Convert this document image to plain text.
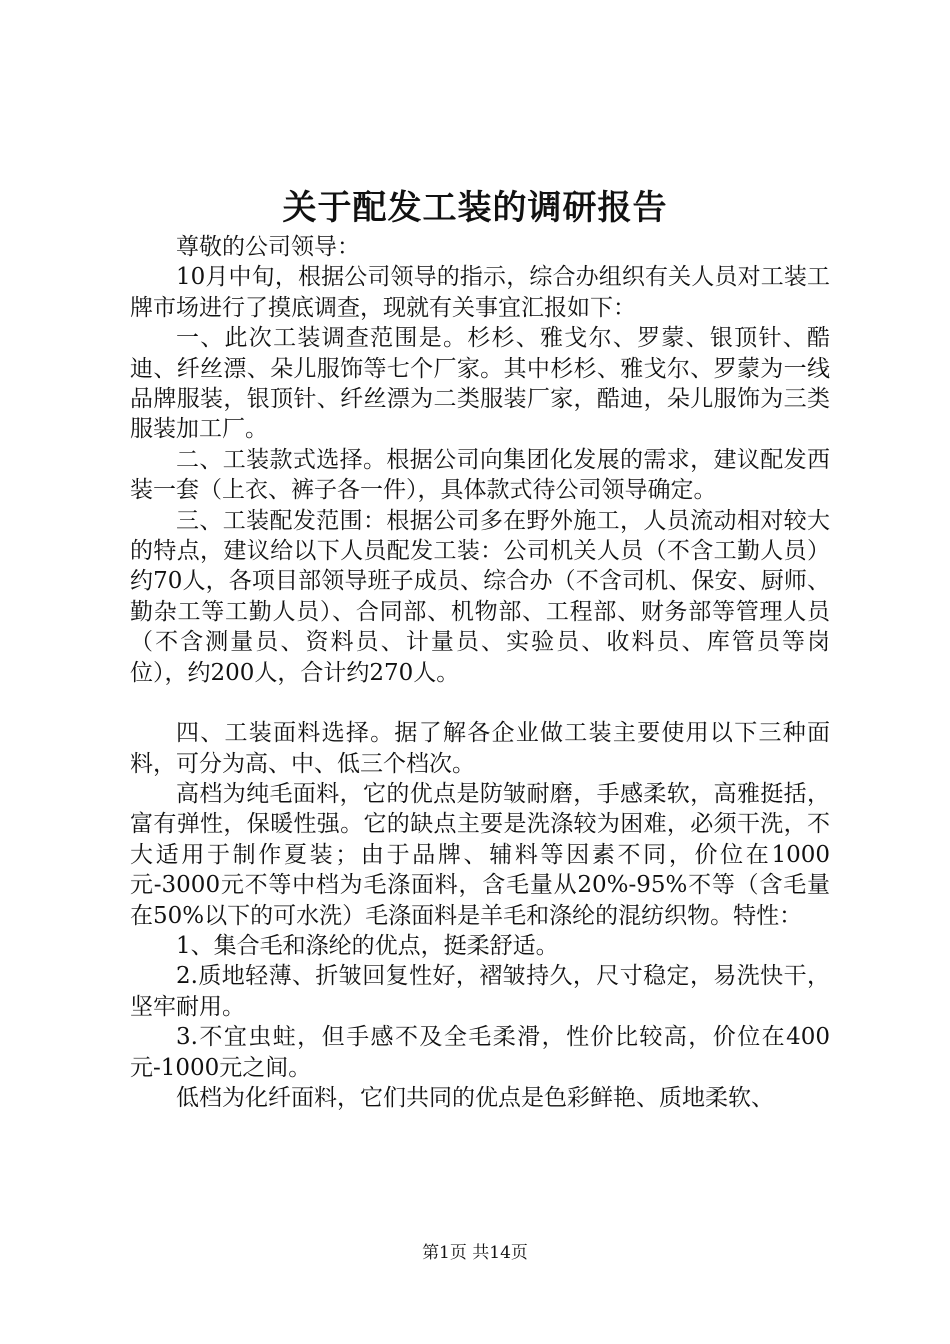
关于配发工装的调研报告

尊敬的公司领导：

10月中旬，根据公司领导的指示，综合办组织有关人员对工装工牌市场进行了摸底调查，现就有关事宜汇报如下：

一、此次工装调查范围是。杉杉、雅戈尔、罗蒙、银顶针、酷迪、纤丝漂、朵儿服饰等七个厂家。其中杉杉、雅戈尔、罗蒙为一线品牌服装，银顶针、纤丝漂为二类服装厂家，酷迪，朵儿服饰为三类服装加工厂。

二、工装款式选择。根据公司向集团化发展的需求，建议配发西装一套（上衣、裤子各一件），具体款式待公司领导确定。

三、工装配发范围：根据公司多在野外施工，人员流动相对较大的特点，建议给以下人员配发工装：公司机关人员（不含工勤人员）约70人，各项目部领导班子成员、综合办（不含司机、保安、厨师、勤杂工等工勤人员）、合同部、机物部、工程部、财务部等管理人员（不含测量员、资料员、计量员、实验员、收料员、库管员等岗位），约200人，合计约270人。

四、工装面料选择。据了解各企业做工装主要使用以下三种面料，可分为高、中、低三个档次。

高档为纯毛面料，它的优点是防皱耐磨，手感柔软，高雅挺括，富有弹性，保暖性强。它的缺点主要是洗涤较为困难，必须干洗，不大适用于制作夏装；由于品牌、辅料等因素不同，价位在1000元-3000元不等中档为毛涤面料，含毛量从20%-95%不等（含毛量在50%以下的可水洗）毛涤面料是羊毛和涤纶的混纺织物。特性：

1、集合毛和涤纶的优点，挺柔舒适。

2.质地轻薄、折皱回复性好，褶皱持久，尺寸稳定，易洗快干，坚牢耐用。

3.不宜虫蛀，但手感不及全毛柔滑，性价比较高，价位在400元-1000元之间。

低档为化纤面料，它们共同的优点是色彩鲜艳、质地柔软、

第1页 共14页
